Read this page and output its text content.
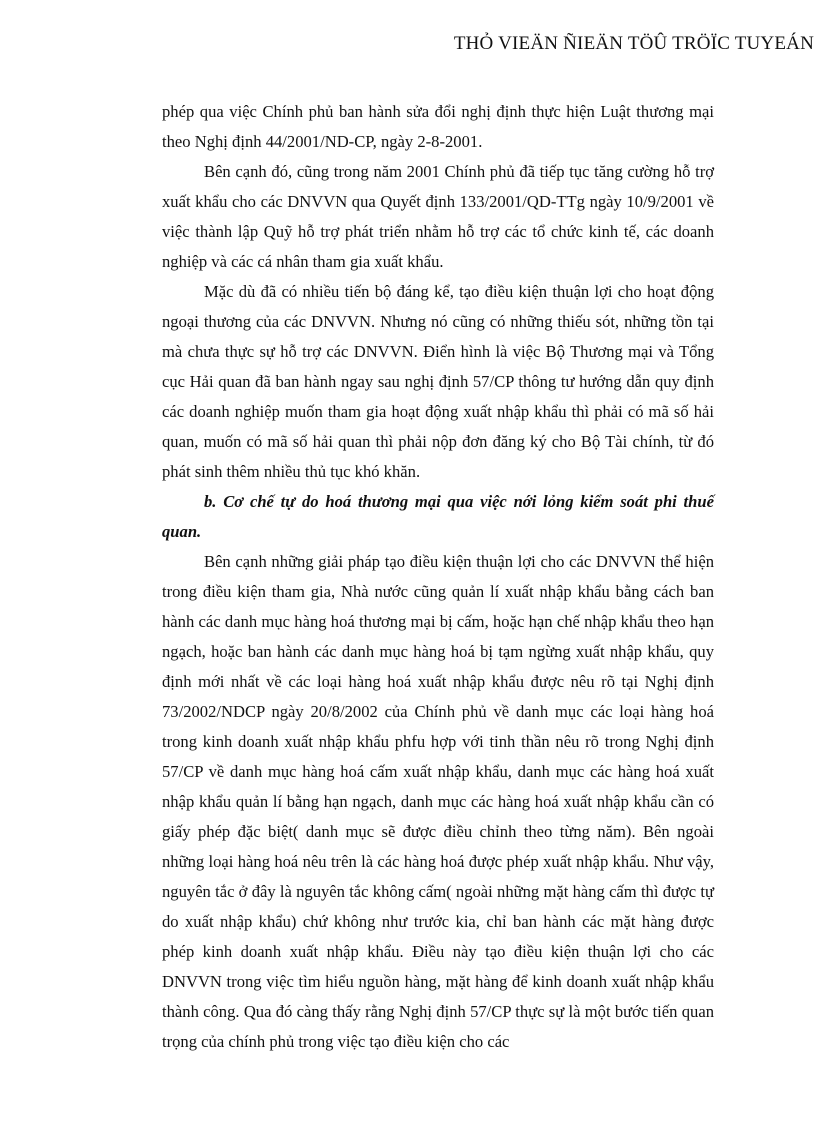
THỎ VIEÄN ÑIEÄN TÖÛ TRÖÏC TUYEÁN

phép qua việc Chính phủ ban hành sửa đổi nghị định thực hiện Luật thương mại theo Nghị định 44/2001/ND-CP, ngày 2-8-2001.

Bên cạnh đó, cũng trong năm 2001 Chính phủ đã tiếp tục tăng cường hỗ trợ xuất khẩu cho các DNVVN qua Quyết định 133/2001/QD-TTg ngày 10/9/2001 về việc thành lập Quỹ hỗ trợ phát triển nhằm hỗ trợ các tổ chức kinh tế, các doanh nghiệp và các cá nhân tham gia xuất khẩu.

Mặc dù đã có nhiều tiến bộ đáng kể, tạo điều kiện thuận lợi cho hoạt động ngoại thương của các DNVVN. Nhưng nó cũng có những thiếu sót, những tồn tại mà chưa thực sự hỗ trợ các DNVVN. Điển hình là việc Bộ Thương mại và Tổng cục Hải quan đã ban hành ngay sau nghị định 57/CP thông tư hướng dẫn quy định các doanh nghiệp muốn tham gia hoạt động xuất nhập khẩu thì phải có mã số hải quan, muốn có mã số hải quan thì phải nộp đơn đăng ký cho Bộ Tài chính, từ đó phát sinh thêm nhiều thủ tục khó khăn.

b. Cơ chế tự do hoá thương mại qua việc nới lỏng kiểm soát phi thuế quan.

Bên cạnh những giải pháp tạo điều kiện thuận lợi cho các DNVVN thể hiện trong điều kiện tham gia, Nhà nước cũng quản lí xuất nhập khẩu bằng cách ban hành các danh mục hàng hoá thương mại bị cấm, hoặc hạn chế nhập khẩu theo hạn ngạch, hoặc ban hành các danh mục hàng hoá bị tạm ngừng xuất nhập khẩu, quy định mới nhất về các loại hàng hoá xuất nhập khẩu được nêu rõ tại Nghị định 73/2002/NDCP ngày 20/8/2002 của Chính phủ về danh mục các loại hàng hoá trong kinh doanh xuất nhập khẩu phfu hợp với tinh thần nêu rõ trong Nghị định 57/CP về danh mục hàng hoá cấm xuất nhập khẩu, danh mục các hàng hoá xuất nhập khẩu quản lí bằng hạn ngạch, danh mục các hàng hoá xuất nhập khẩu cần có giấy phép đặc biệt( danh mục sẽ được điều chỉnh theo từng năm). Bên ngoài những loại hàng hoá nêu trên là các hàng hoá được phép xuất nhập khẩu. Như vậy, nguyên tắc ở đây là nguyên tắc không cấm( ngoài những mặt hàng cấm thì được tự do xuất nhập khẩu) chứ không như trước kia, chỉ ban hành các mặt hàng được phép kinh doanh xuất nhập khẩu. Điều này tạo điều kiện thuận lợi cho các DNVVN trong việc tìm hiểu nguồn hàng, mặt hàng để kinh doanh xuất nhập khẩu thành công. Qua đó càng thấy rằng Nghị định 57/CP thực sự là một bước tiến quan trọng của chính phủ trong việc tạo điều kiện cho các
